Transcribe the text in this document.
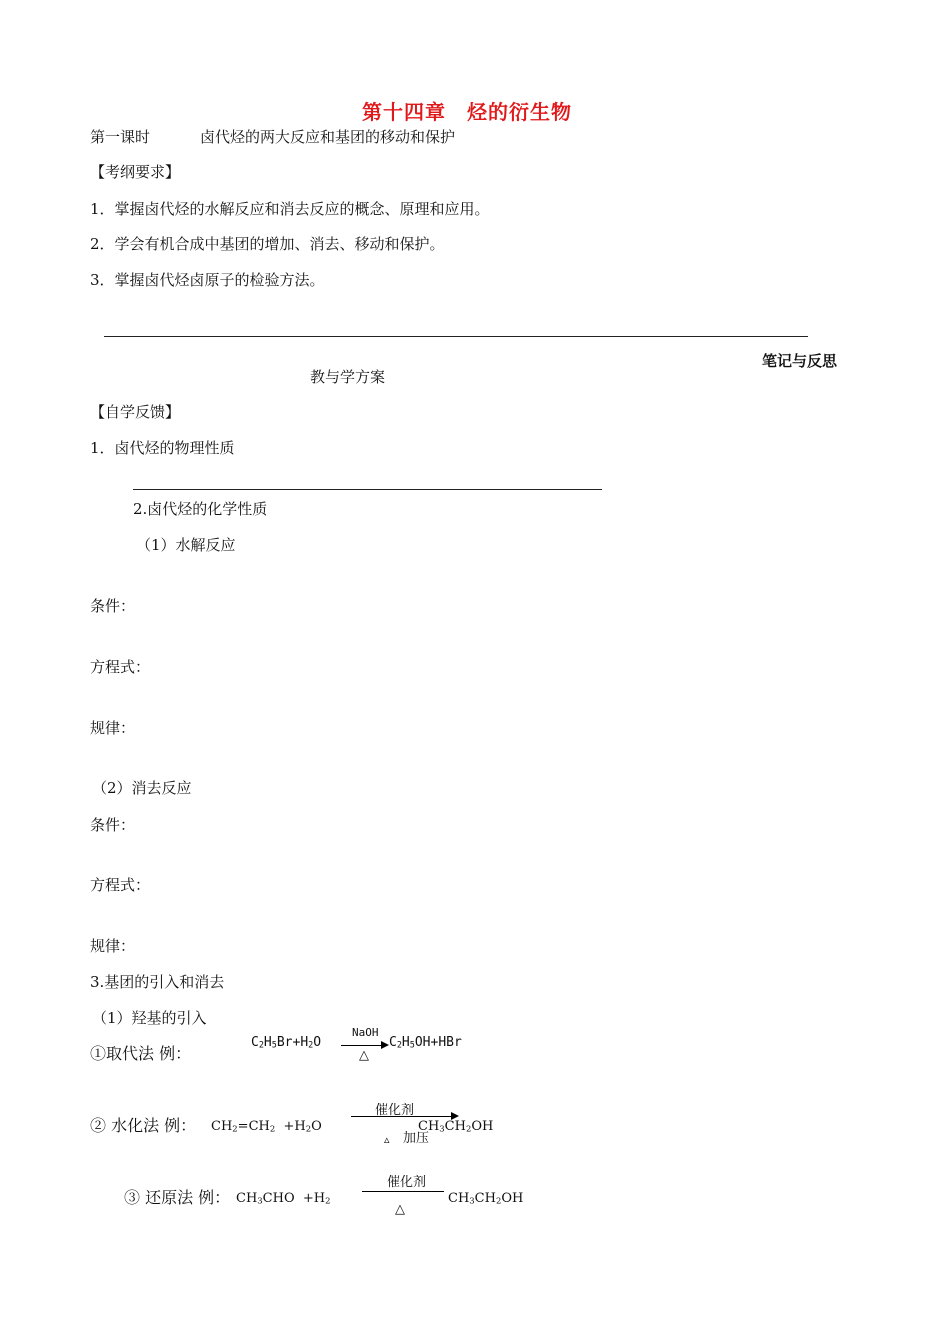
第十四章　烃的衍生物
第一课时	卤代烃的两大反应和基团的移动和保护
【考纲要求】
1．掌握卤代烃的水解反应和消去反应的概念、原理和应用。
2．学会有机合成中基团的增加、消去、移动和保护。
3．掌握卤代烃卤原子的检验方法。
笔记与反思
教与学方案
【自学反馈】
1．卤代烃的物理性质
2.卤代烃的化学性质
（1）水解反应
条件：
方程式：
规律：
（2）消去反应
条件：
方程式：
规律：
3.基团的引入和消去
（1）羟基的引入
①取代法 例：
$C_2H_5Br+H_2O$
NaOH
△
$C_2H_5OH+HBr$
② 水化法 例： $CH_2=CH_2 +H_2O$
催化剂
▵ 加压
$CH_3CH_2OH$
③ 还原法 例： $CH_3CHO +H_2$
催化剂
△
$CH_3CH_2OH$
